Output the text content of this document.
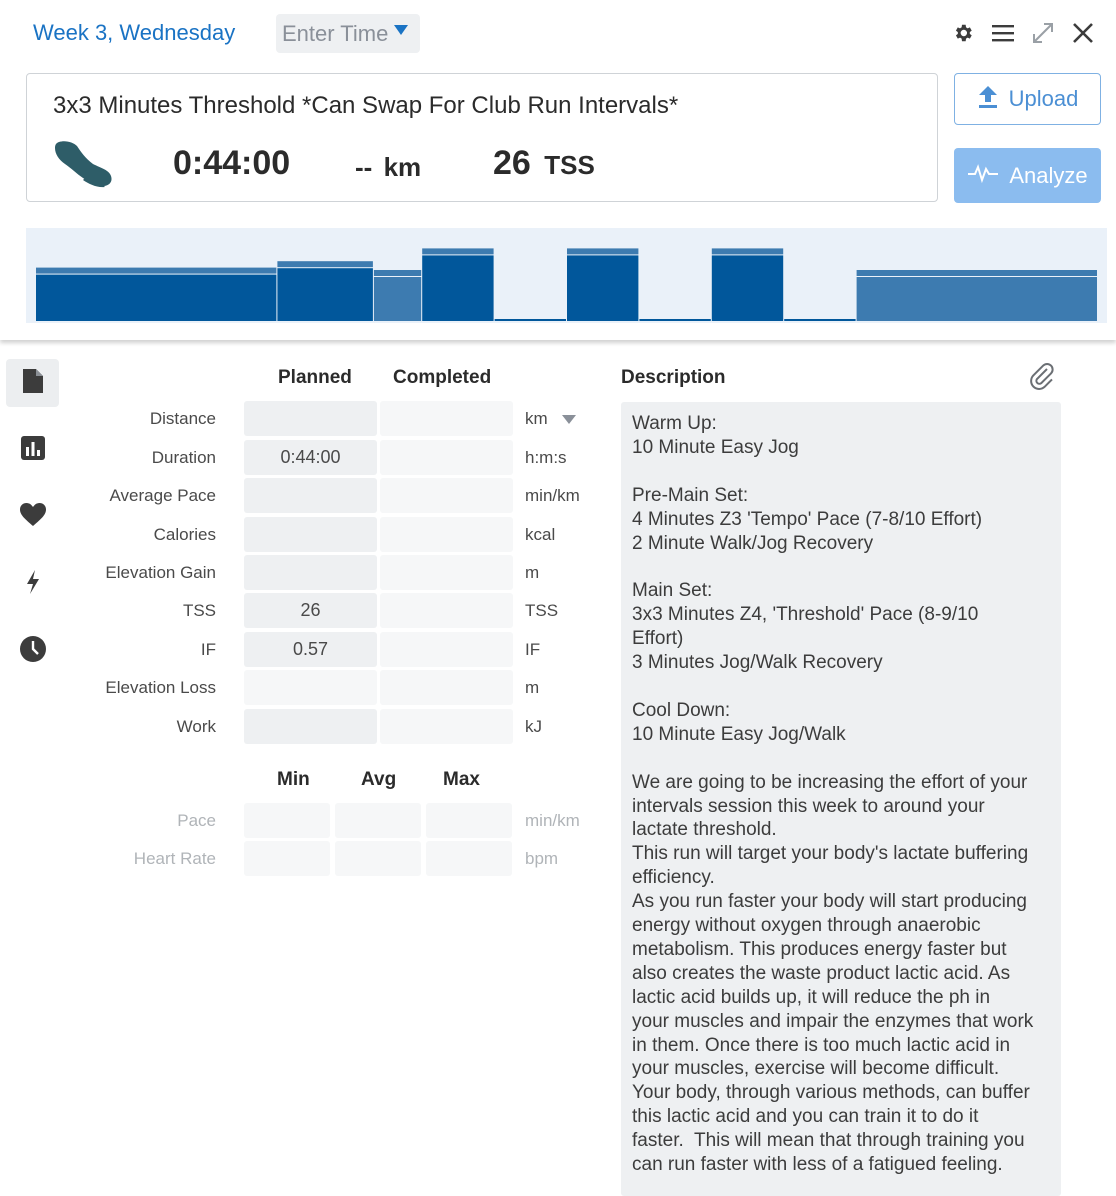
Week 3, Wednesday Enter Time
3x3 Minutes Threshold *Can Swap For Club Run Intervals*
0:44:00 -- km 26 TSS
Upload
Analyze
Planned Completed
Distance	km
Duration	0:44:00	h:m:s
Average Pace	min/km
Calories	kcal
Elevation Gain	m
TSS	26	TSS
IF	0.57	IF
Elevation Loss	m
Work	kJ
Min	Avg Max
Pace	min/km
Heart Rate	bpm
Description
Warm Up:
10 Minute Easy Jog

Pre-Main Set:
4 Minutes Z3 'Tempo' Pace (7-8/10 Effort)
2 Minute Walk/Jog Recovery

Main Set:
3x3 Minutes Z4, 'Threshold' Pace (8-9/10
Effort)
3 Minutes Jog/Walk Recovery

Cool Down:
10 Minute Easy Jog/Walk

We are going to be increasing the effort of your
intervals session this week to around your
lactate threshold.
This run will target your body's lactate buffering
efficiency.
As you run faster your body will start producing
energy without oxygen through anaerobic
metabolism. This produces energy faster but
also creates the waste product lactic acid. As
lactic acid builds up, it will reduce the ph in
your muscles and impair the enzymes that work
in them. Once there is too much lactic acid in
your muscles, exercise will become difficult.
Your body, through various methods, can buffer
this lactic acid and you can train it to do it
faster.  This will mean that through training you
can run faster with less of a fatigued feeling.
